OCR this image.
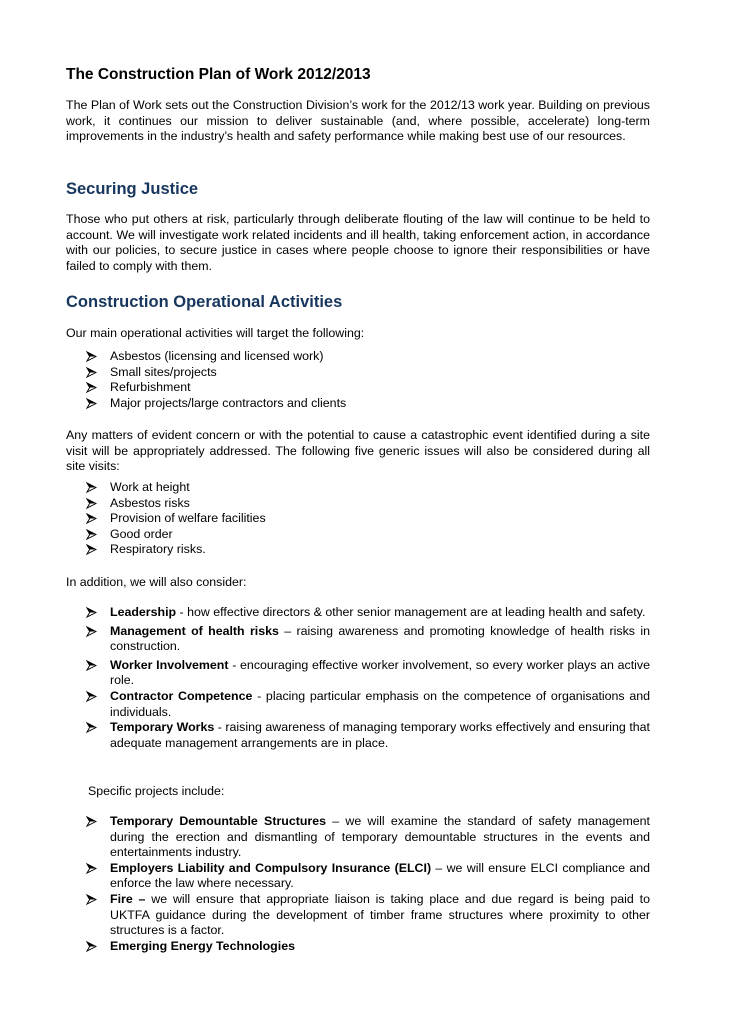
The Construction Plan of Work 2012/2013

The Plan of Work sets out the Construction Division’s work for the 2012/13 work year. Building on previous work, it continues our mission to deliver sustainable (and, where possible, accelerate) long-term improvements in the industry’s health and safety performance while making best use of our resources.

Securing Justice

Those who put others at risk, particularly through deliberate flouting of the law will continue to be held to account. We will investigate work related incidents and ill health, taking enforcement action, in accordance with our policies, to secure justice in cases where people choose to ignore their responsibilities or have failed to comply with them.

Construction Operational Activities

Our main operational activities will target the following:

Asbestos (licensing and licensed work)
Small sites/projects
Refurbishment
Major projects/large contractors and clients

Any matters of evident concern or with the potential to cause a catastrophic event identified during a site visit will be appropriately addressed. The following five generic issues will also be considered during all site visits:

Work at height
Asbestos risks
Provision of welfare facilities
Good order
Respiratory risks.

In addition, we will also consider:

Leadership - how effective directors & other senior management are at leading health and safety.
Management of health risks – raising awareness and promoting knowledge of health risks in construction.
Worker Involvement - encouraging effective worker involvement, so every worker plays an active role.
Contractor Competence - placing particular emphasis on the competence of organisations and individuals.
Temporary Works - raising awareness of managing temporary works effectively and ensuring that adequate management arrangements are in place.

Specific projects include:

Temporary Demountable Structures – we will examine the standard of safety management during the erection and dismantling of temporary demountable structures in the events and entertainments industry.
Employers Liability and Compulsory Insurance (ELCI) – we will ensure ELCI compliance and enforce the law where necessary.
Fire – we will ensure that appropriate liaison is taking place and due regard is being paid to UKTFA guidance during the development of timber frame structures where proximity to other structures is a factor.
Emerging Energy Technologies
